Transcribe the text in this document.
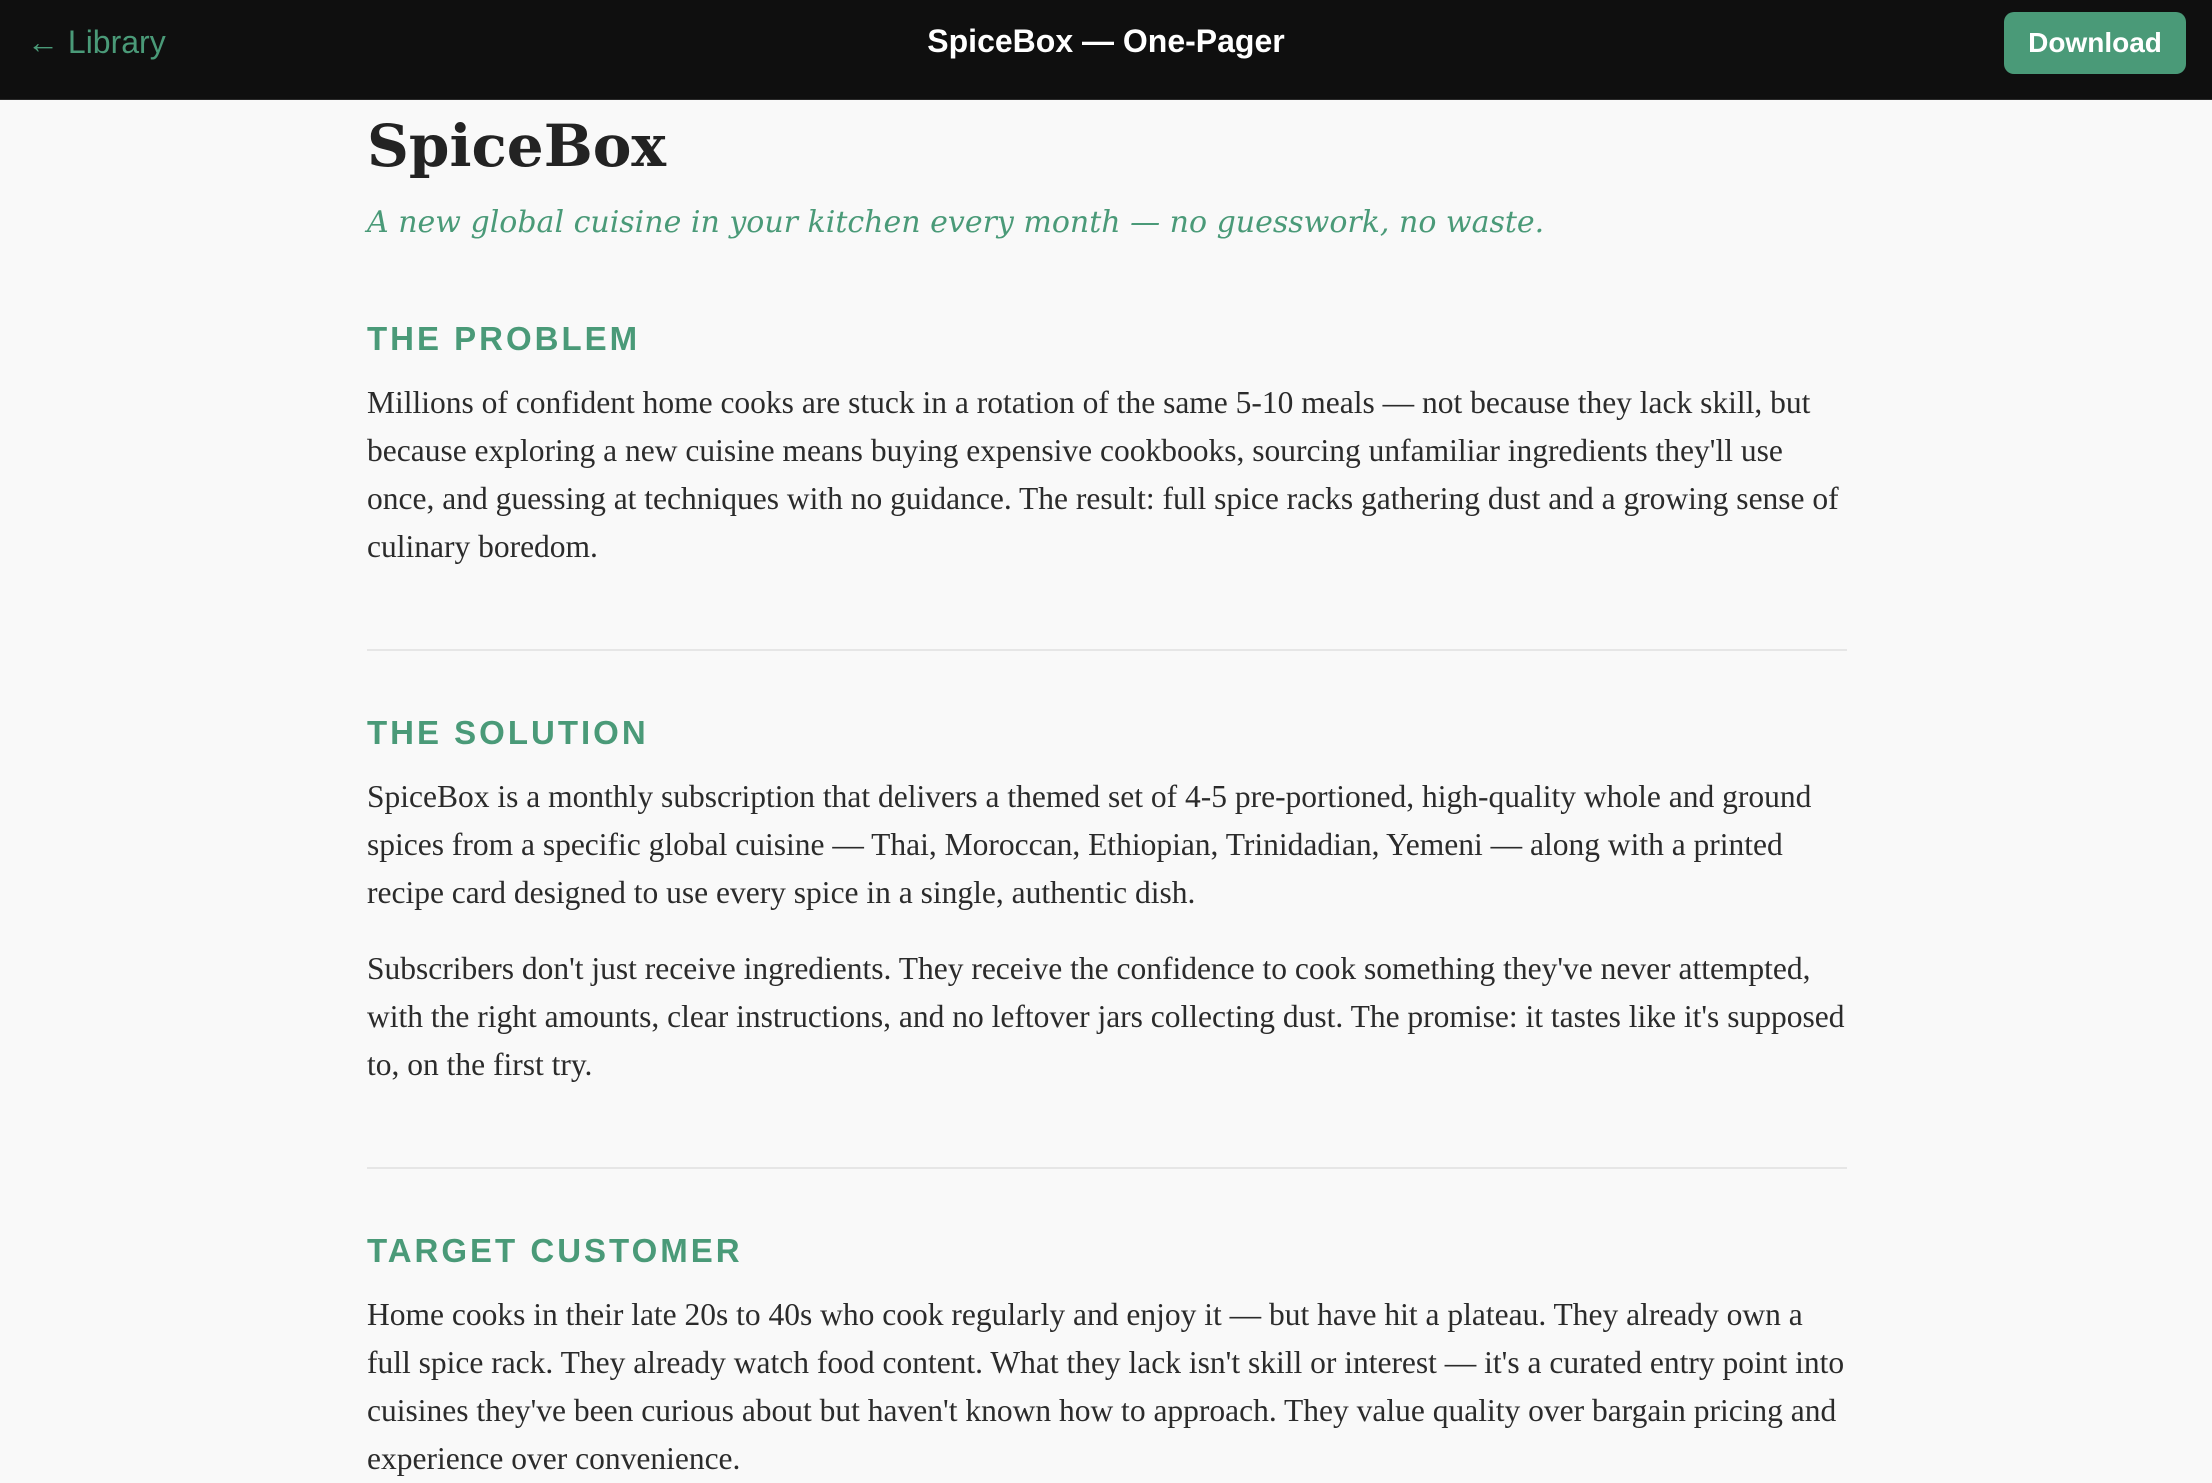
← Library	SpiceBox — One-Pager	Download
SpiceBox

A new global cuisine in your kitchen every month — no guesswork, no waste.

THE PROBLEM

Millions of confident home cooks are stuck in a rotation of the same 5-10 meals — not because they lack skill, but because exploring a new cuisine means buying expensive cookbooks, sourcing unfamiliar ingredients they'll use once, and guessing at techniques with no guidance. The result: full spice racks gathering dust and a growing sense of culinary boredom.

THE SOLUTION

SpiceBox is a monthly subscription that delivers a themed set of 4-5 pre-portioned, high-quality whole and ground spices from a specific global cuisine — Thai, Moroccan, Ethiopian, Trinidadian, Yemeni — along with a printed recipe card designed to use every spice in a single, authentic dish.

Subscribers don't just receive ingredients. They receive the confidence to cook something they've never attempted, with the right amounts, clear instructions, and no leftover jars collecting dust. The promise: it tastes like it's supposed to, on the first try.

TARGET CUSTOMER

Home cooks in their late 20s to 40s who cook regularly and enjoy it — but have hit a plateau. They already own a full spice rack. They already watch food content. What they lack isn't skill or interest — it's a curated entry point into cuisines they've been curious about but haven't known how to approach. They value quality over bargain pricing and experience over convenience.
